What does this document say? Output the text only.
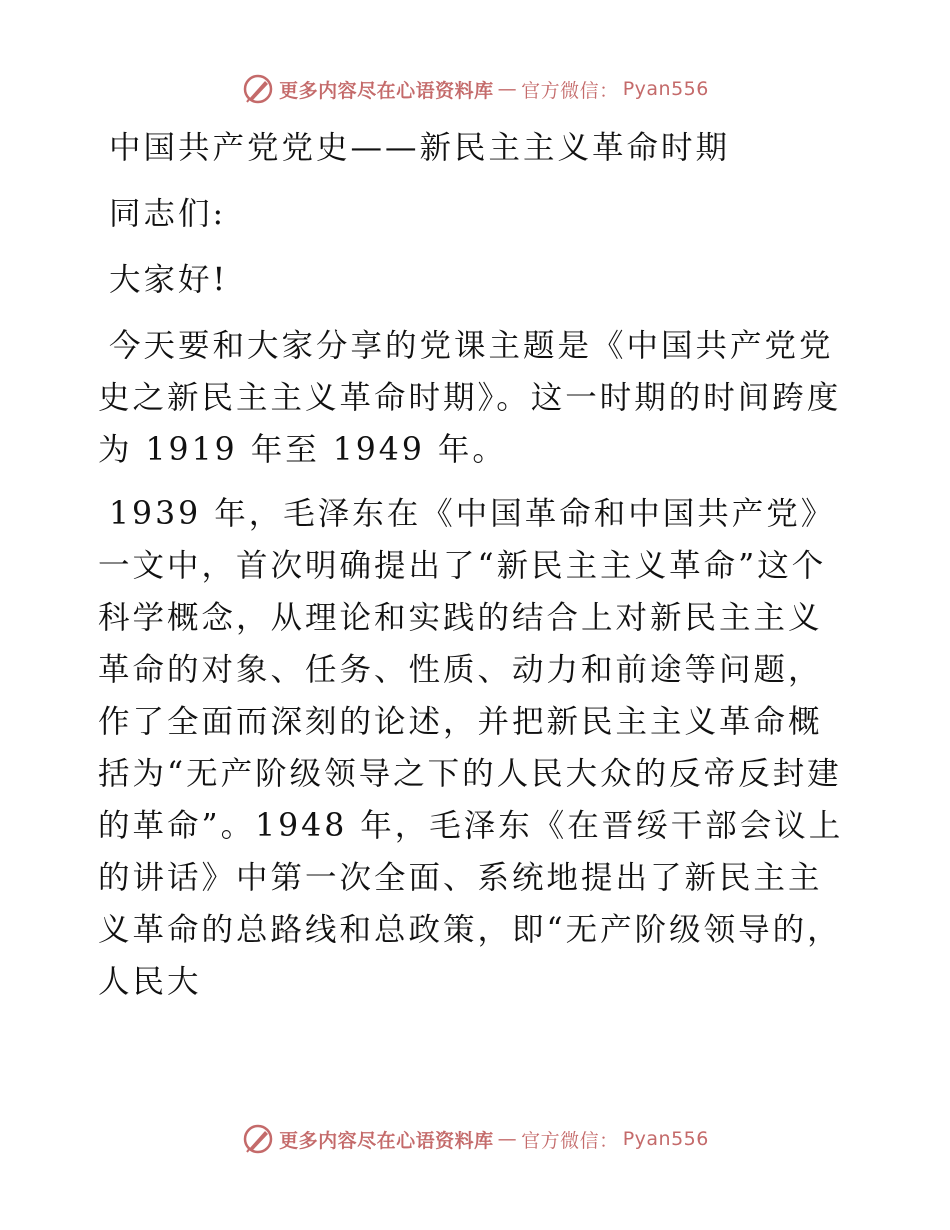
更多内容尽在心语资料库 — 官方微信： Pyan556

中国共产党党史——新民主主义革命时期

同志们:

大家好!

今天要和大家分享的党课主题是《中国共产党党史之新民主主义革命时期》。这一时期的时间跨度为 1919 年至 1949 年。

1939 年，毛泽东在《中国革命和中国共产党》一文中，首次明确提出了“新民主主义革命”这个科学概念，从理论和实践的结合上对新民主主义革命的对象、任务、性质、动力和前途等问题，作了全面而深刻的论述，并把新民主主义革命概括为“无产阶级领导之下的人民大众的反帝反封建的革命”。1948 年，毛泽东《在晋绥干部会议上的讲话》中第一次全面、系统地提出了新民主主义革命的总路线和总政策，即“无产阶级领导的，人民大

更多内容尽在心语资料库 — 官方微信： Pyan556
